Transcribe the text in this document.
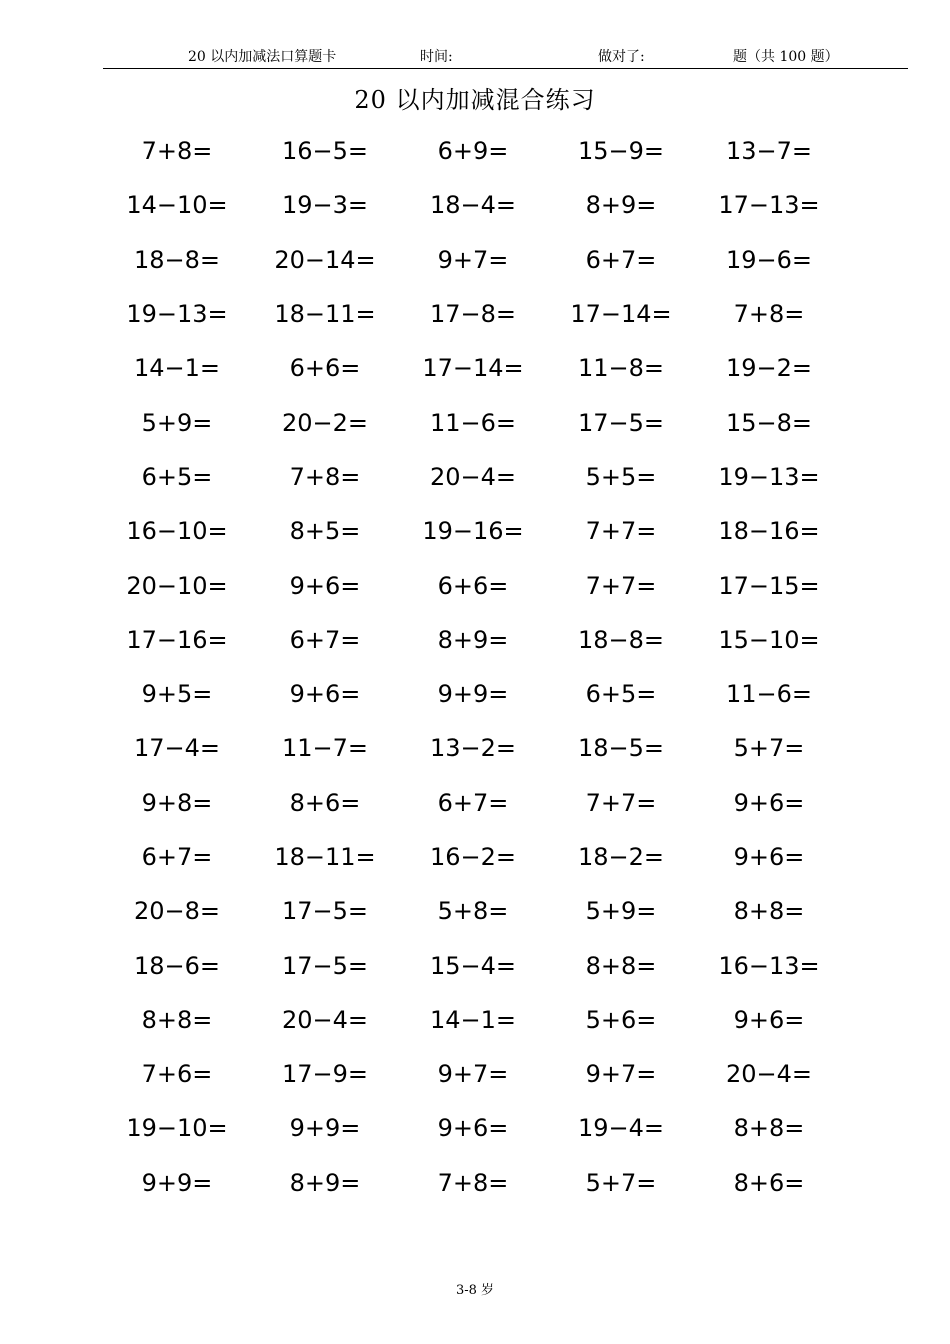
20 以内加减法口算题卡	时间:	做对了:	题（共 100 题）
20 以内加减混合练习
7+8=	16−5=	6+9=	15−9=	13−7=
14−10=	19−3=	18−4=	8+9=	17−13=
18−8=	20−14=	9+7=	6+7=	19−6=
19−13=	18−11=	17−8=	17−14=	7+8=
14−1=	6+6=	17−14=	11−8=	19−2=
5+9=	20−2=	11−6=	17−5=	15−8=
6+5=	7+8=	20−4=	5+5=	19−13=
16−10=	8+5=	19−16=	7+7=	18−16=
20−10=	9+6=	6+6=	7+7=	17−15=
17−16=	6+7=	8+9=	18−8=	15−10=
9+5=	9+6=	9+9=	6+5=	11−6=
17−4=	11−7=	13−2=	18−5=	5+7=
9+8=	8+6=	6+7=	7+7=	9+6=
6+7=	18−11=	16−2=	18−2=	9+6=
20−8=	17−5=	5+8=	5+9=	8+8=
18−6=	17−5=	15−4=	8+8=	16−13=
8+8=	20−4=	14−1=	5+6=	9+6=
7+6=	17−9=	9+7=	9+7=	20−4=
19−10=	9+9=	9+6=	19−4=	8+8=
9+9=	8+9=	7+8=	5+7=	8+6=
3-8 岁
